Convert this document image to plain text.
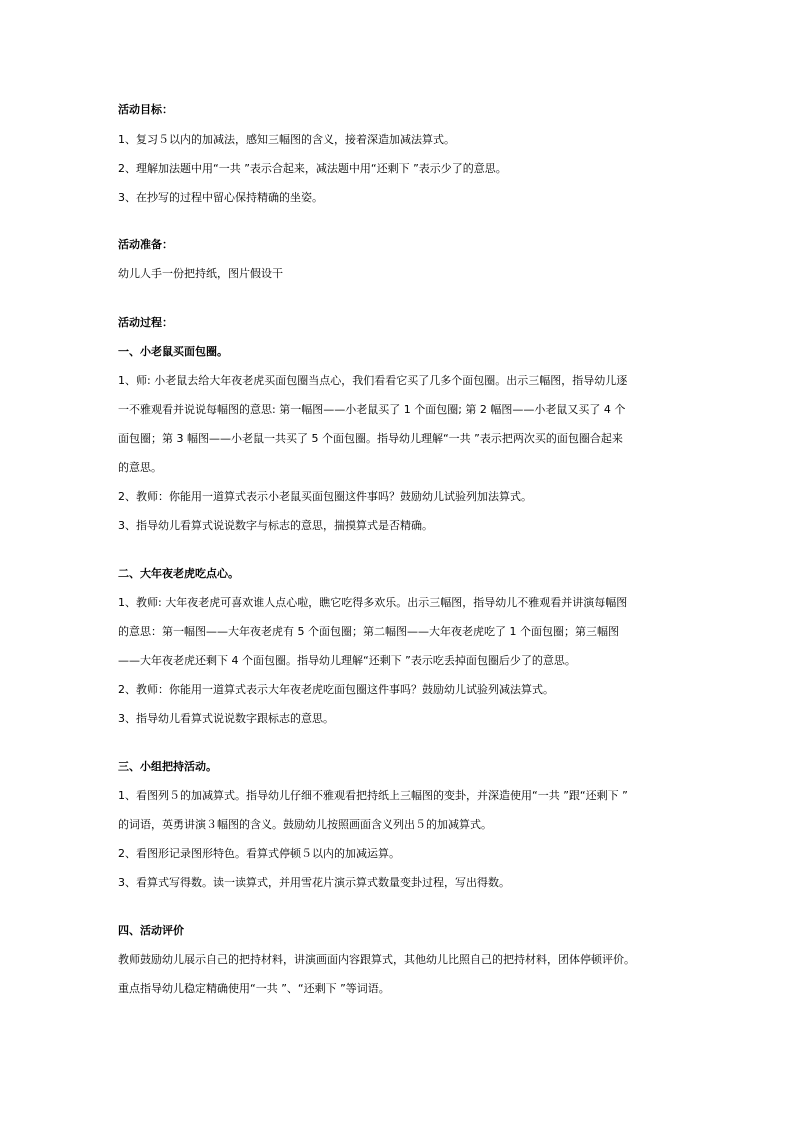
活动目标：

1、复习５以内的加减法，感知三幅图的含义，接着深造加减法算式。

2、理解加法题中用“一共 ”表示合起来，减法题中用“还剩下 ”表示少了的意思。

3、在抄写的过程中留心保持精确的坐姿。

活动准备：

幼儿人手一份把持纸，图片假设干

活动过程：

一、小老鼠买面包圈。

1、师: 小老鼠去给大年夜老虎买面包圈当点心，我们看看它买了几多个面包圈。出示三幅图，指导幼儿逐

一不雅观看并说说每幅图的意思: 第一幅图——小老鼠买了 1 个面包圈; 第 2 幅图——小老鼠又买了 4 个

面包圈；第 3 幅图——小老鼠一共买了 5 个面包圈。指导幼儿理解“一共 ”表示把两次买的面包圈合起来

的意思。

2、教师：你能用一道算式表示小老鼠买面包圈这件事吗？鼓励幼儿试验列加法算式。

3、指导幼儿看算式说说数字与标志的意思，揣摸算式是否精确。

二、大年夜老虎吃点心。

1、教师: 大年夜老虎可喜欢谁人点心啦，瞧它吃得多欢乐。出示三幅图，指导幼儿不雅观看并讲演每幅图

的意思：第一幅图——大年夜老虎有 5 个面包圈；第二幅图——大年夜老虎吃了 1 个面包圈；第三幅图

——大年夜老虎还剩下 4 个面包圈。指导幼儿理解“还剩下 ”表示吃丢掉面包圈后少了的意思。

2、教师：你能用一道算式表示大年夜老虎吃面包圈这件事吗？鼓励幼儿试验列减法算式。

3、指导幼儿看算式说说数字跟标志的意思。

三、小组把持活动。

1、看图列５的加减算式。指导幼儿仔细不雅观看把持纸上三幅图的变卦，并深造使用“一共 ”跟“还剩下 ”

的词语，英勇讲演３幅图的含义。鼓励幼儿按照画面含义列出５的加减算式。

2、看图形记录图形特色。看算式停顿５以内的加减运算。

3、看算式写得数。读一读算式，并用雪花片演示算式数量变卦过程，写出得数。

四、活动评价

教师鼓励幼儿展示自己的把持材料，讲演画面内容跟算式，其他幼儿比照自己的把持材料，团体停顿评价。

重点指导幼儿稳定精确使用“一共 ”、“还剩下 ”等词语。
